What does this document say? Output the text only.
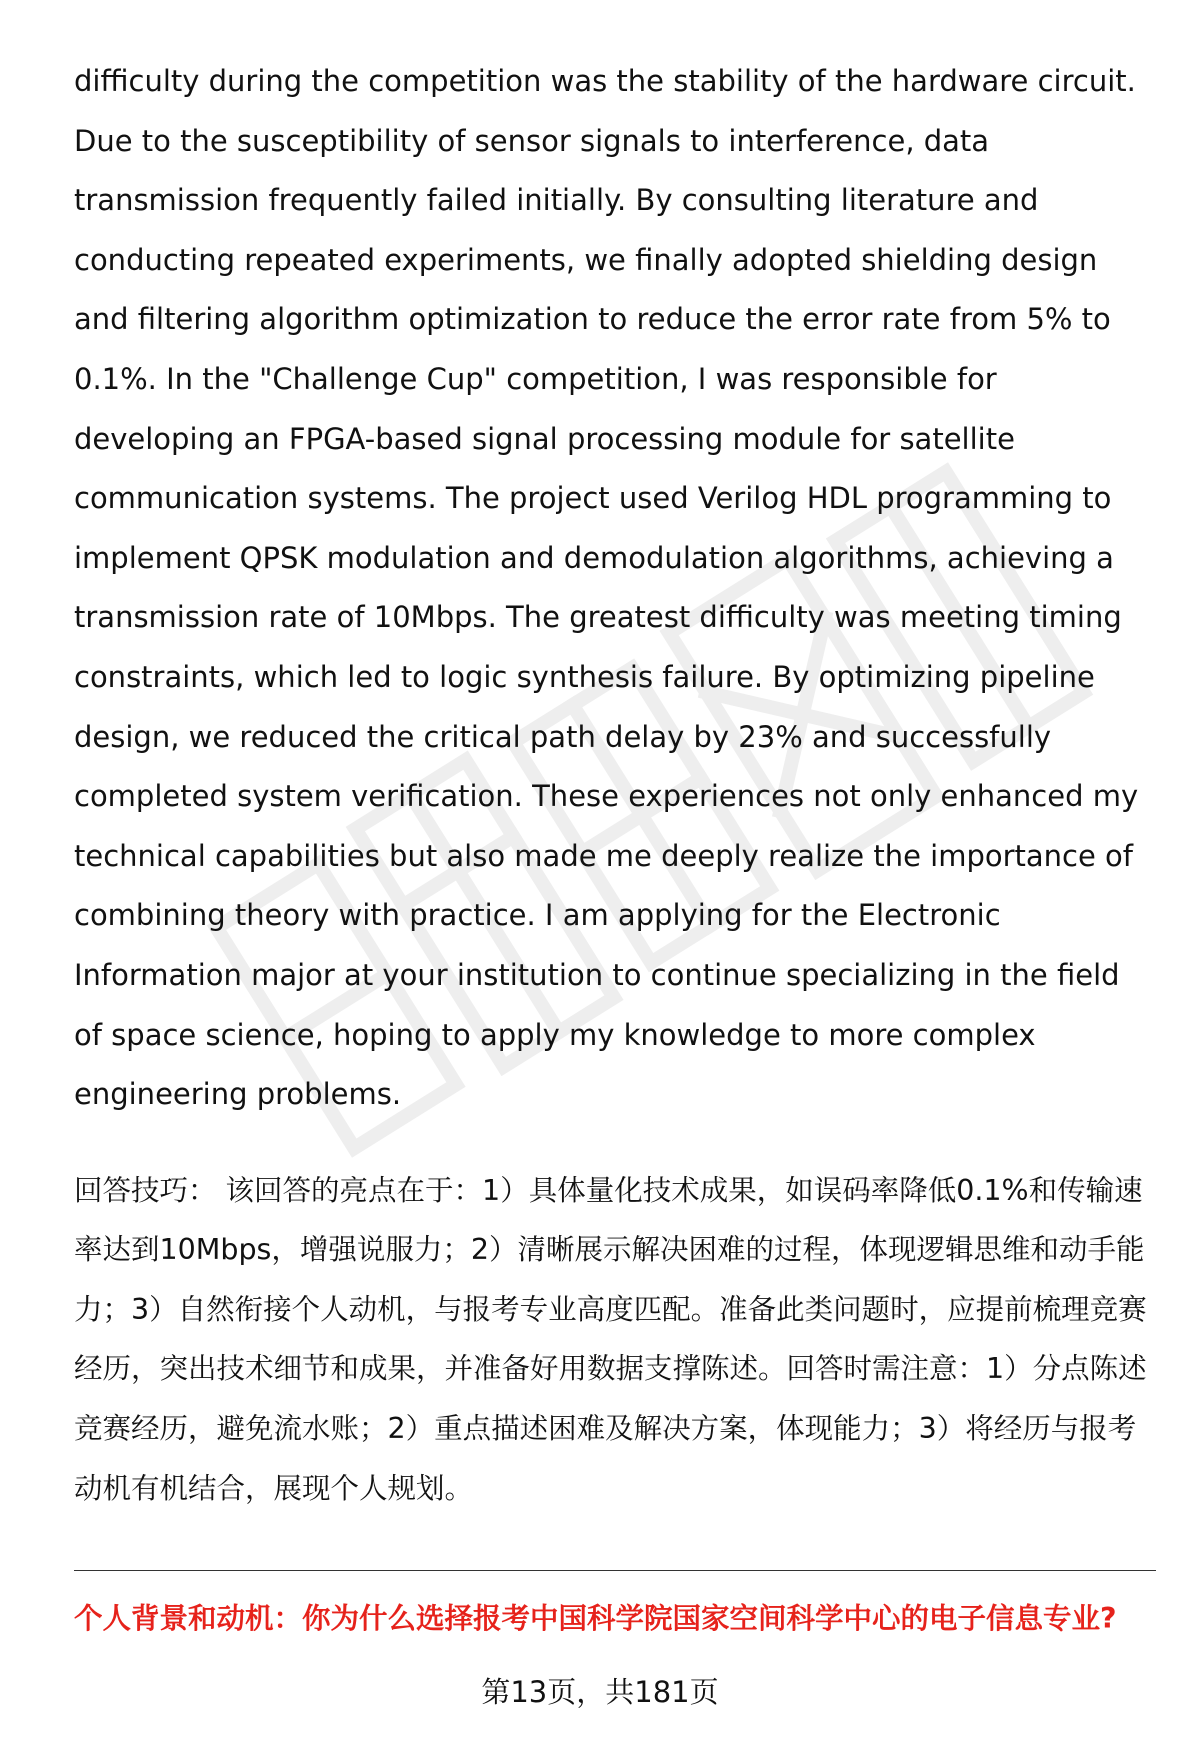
difficulty during the competition was the stability of the hardware circuit. Due to the susceptibility of sensor signals to interference, data transmission frequently failed initially. By consulting literature and conducting repeated experiments, we finally adopted shielding design and filtering algorithm optimization to reduce the error rate from 5% to 0.1%. In the "Challenge Cup" competition, I was responsible for developing an FPGA-based signal processing module for satellite communication systems. The project used Verilog HDL programming to implement QPSK modulation and demodulation algorithms, achieving a transmission rate of 10Mbps. The greatest difficulty was meeting timing constraints, which led to logic synthesis failure. By optimizing pipeline design, we reduced the critical path delay by 23% and successfully completed system verification. These experiences not only enhanced my technical capabilities but also made me deeply realize the importance of combining theory with practice. I am applying for the Electronic Information major at your institution to continue specializing in the field of space science, hoping to apply my knowledge to more complex engineering problems.

回答技巧： 该回答的亮点在于：1）具体量化技术成果，如误码率降低0.1%和传输速率达到10Mbps，增强说服力；2）清晰展示解决困难的过程，体现逻辑思维和动手能力；3）自然衔接个人动机，与报考专业高度匹配。准备此类问题时，应提前梳理竞赛经历，突出技术细节和成果，并准备好用数据支撑陈述。回答时需注意：1）分点陈述竞赛经历，避免流水账；2）重点描述困难及解决方案，体现能力；3）将经历与报考动机有机结合，展现个人规划。

个人背景和动机：你为什么选择报考中国科学院国家空间科学中心的电子信息专业?

第13页，共181页
